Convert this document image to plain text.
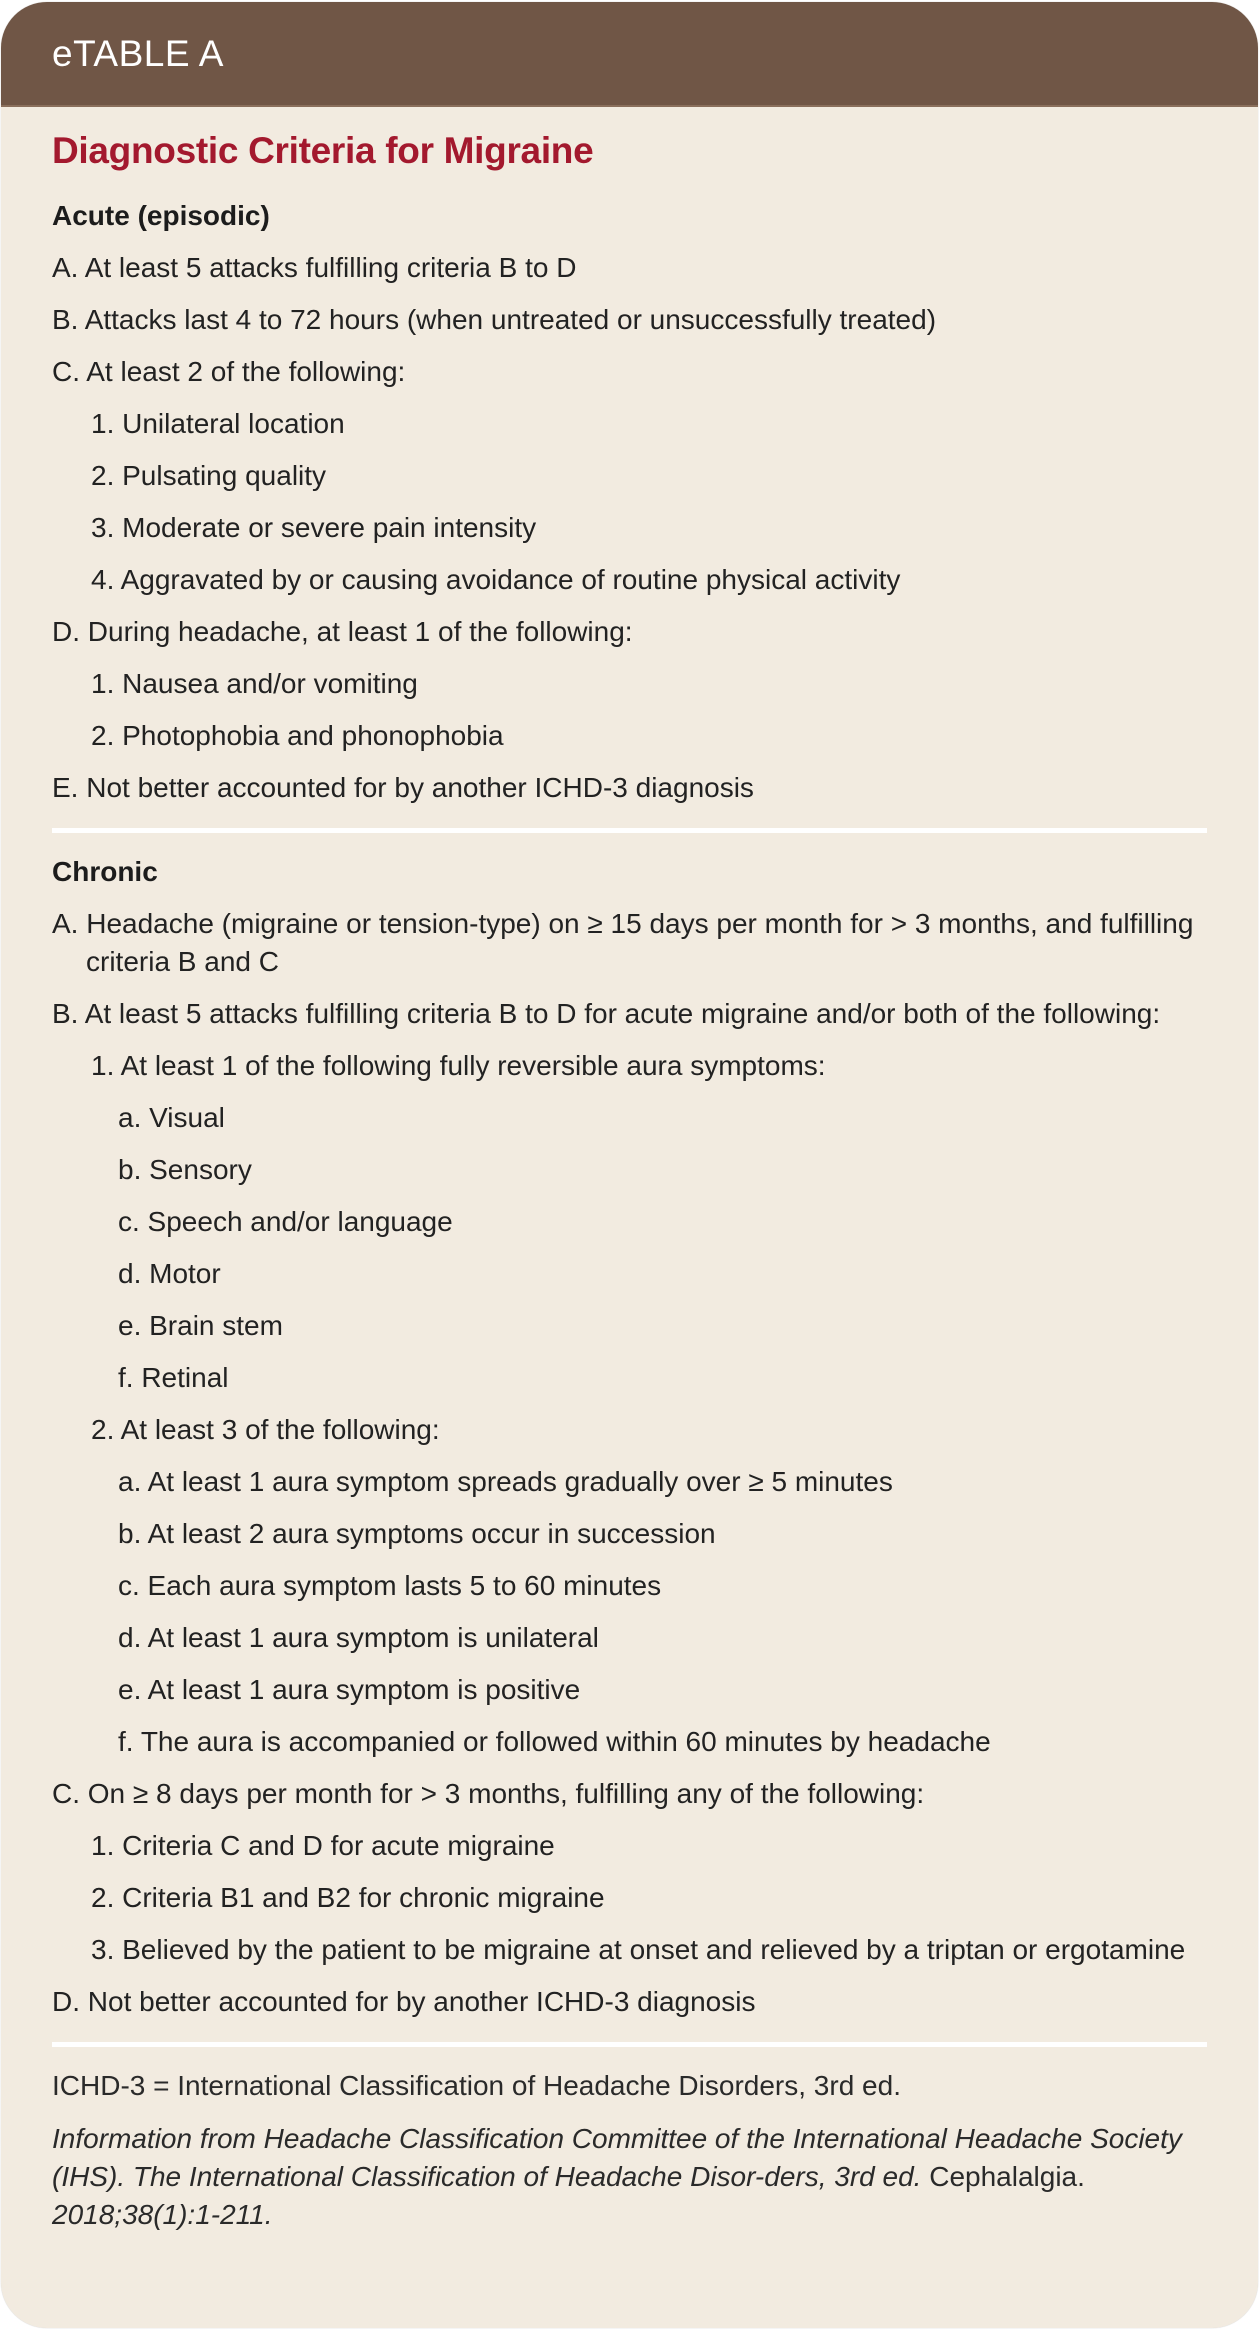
eTABLE A
Diagnostic Criteria for Migraine
Acute (episodic)
A. At least 5 attacks fulfilling criteria B to D
B. Attacks last 4 to 72 hours (when untreated or unsuccessfully treated)
C. At least 2 of the following:
1. Unilateral location
2. Pulsating quality
3. Moderate or severe pain intensity
4. Aggravated by or causing avoidance of routine physical activity
D. During headache, at least 1 of the following:
1. Nausea and/or vomiting
2. Photophobia and phonophobia
E. Not better accounted for by another ICHD-3 diagnosis
Chronic
A. Headache (migraine or tension-type) on ≥ 15 days per month for > 3 months, and fulfilling criteria B and C
B. At least 5 attacks fulfilling criteria B to D for acute migraine and/or both of the following:
1. At least 1 of the following fully reversible aura symptoms:
a. Visual
b. Sensory
c. Speech and/or language
d. Motor
e. Brain stem
f. Retinal
2. At least 3 of the following:
a. At least 1 aura symptom spreads gradually over ≥ 5 minutes
b. At least 2 aura symptoms occur in succession
c. Each aura symptom lasts 5 to 60 minutes
d. At least 1 aura symptom is unilateral
e. At least 1 aura symptom is positive
f. The aura is accompanied or followed within 60 minutes by headache
C. On ≥ 8 days per month for > 3 months, fulfilling any of the following:
1. Criteria C and D for acute migraine
2. Criteria B1 and B2 for chronic migraine
3. Believed by the patient to be migraine at onset and relieved by a triptan or ergotamine
D. Not better accounted for by another ICHD-3 diagnosis
ICHD-3 = International Classification of Headache Disorders, 3rd ed.
Information from Headache Classification Committee of the International Headache Society (IHS). The International Classification of Headache Disor-ders, 3rd ed. Cephalalgia. 2018;38(1):1-211.
